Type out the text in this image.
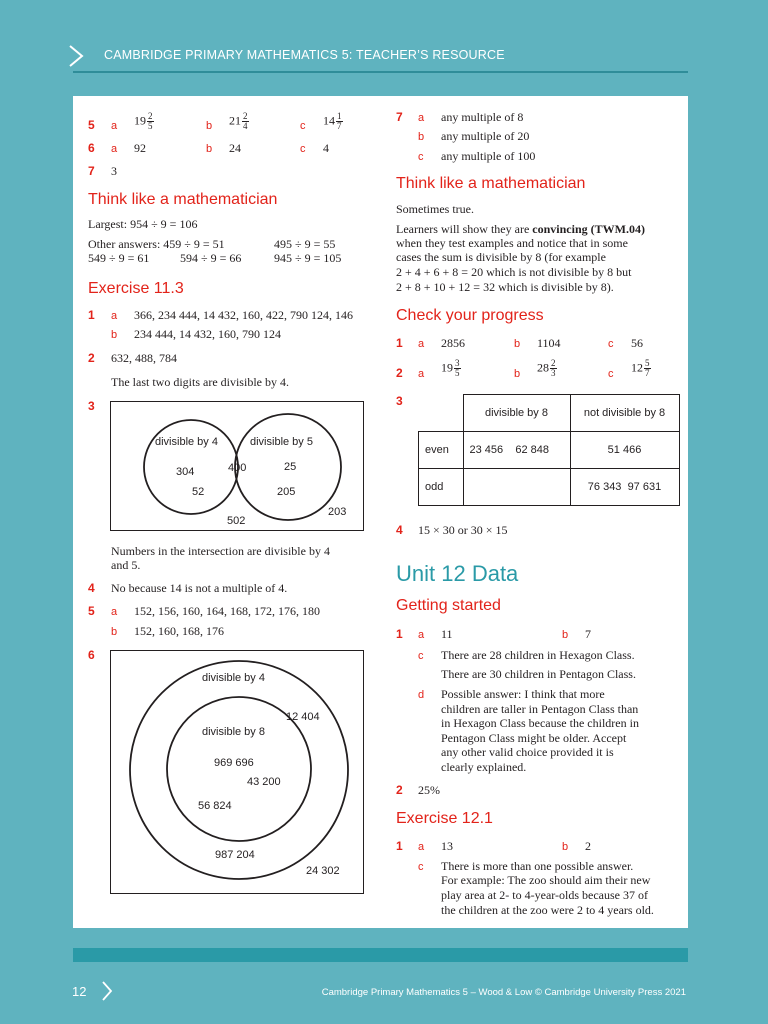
CAMBRIDGE PRIMARY MATHEMATICS 5: TEACHER’S RESOURCE
5 a $19 \frac{2}{5}$	b $21 \frac{2}{4}$	c $14 \frac{1}{7}$
6 a 92	b 24	c 4
7 3
Think like a mathematician
Largest: 954 ÷ 9 = 106
Other answers: 459 ÷ 9 = 51	495 ÷ 9 = 55
549 ÷ 9 = 61	594 ÷ 9 = 66	945 ÷ 9 = 105
Exercise 11.3
1 a 366, 234 444, 14 432, 160, 422, 790 124, 146
b 234 444, 14 432, 160, 790 124
2 632, 488, 784
The last two digits are divisible by 4.
3
divisible by 4	divisible by 5
304
52
400	25
205
502
203
Numbers in the intersection are divisible by 4
and 5.
4 No because 14 is not a multiple of 4.
5 a 152, 156, 160, 164, 168, 172, 176, 180
b 152, 160, 168, 176
6
divisible by 4
12 404
divisible by 8
969 696
43 200
56 824
987 204
24 302
7 a any multiple of 8
b any multiple of 20
c any multiple of 100
Think like a mathematician
Sometimes true.
Learners will show they are convincing (TWM.04)
when they test examples and notice that in some
cases the sum is divisible by 8 (for example
2 + 4 + 6 + 8 = 20 which is not divisible by 8 but
2 + 8 + 10 + 12 = 32 which is divisible by 8).
Check your progress
1 a 2856	b 1104	c 56
2 a $19 \frac{3}{5}$	b $28 \frac{2}{3}$	c $12 \frac{5}{7}$
3
	divisible by 8	not divisible by 8
even	23 456 62 848	51 466
odd		76 343 97 631
4 15 × 30 or 30 × 15
Unit 12 Data
Getting started
1 a 11	b 7
c There are 28 children in Hexagon Class.
There are 30 children in Pentagon Class.
d Possible answer: I think that more
children are taller in Pentagon Class than
in Hexagon Class because the children in
Pentagon Class might be older. Accept
any other valid choice provided it is
clearly explained.
2 25%
Exercise 12.1
1 a 13	b 2
c There is more than one possible answer.
For example: The zoo should aim their new
play area at 2- to 4-year-olds because 37 of
the children at the zoo were 2 to 4 years old.
12	Cambridge Primary Mathematics 5 – Wood & Low © Cambridge University Press 2021
